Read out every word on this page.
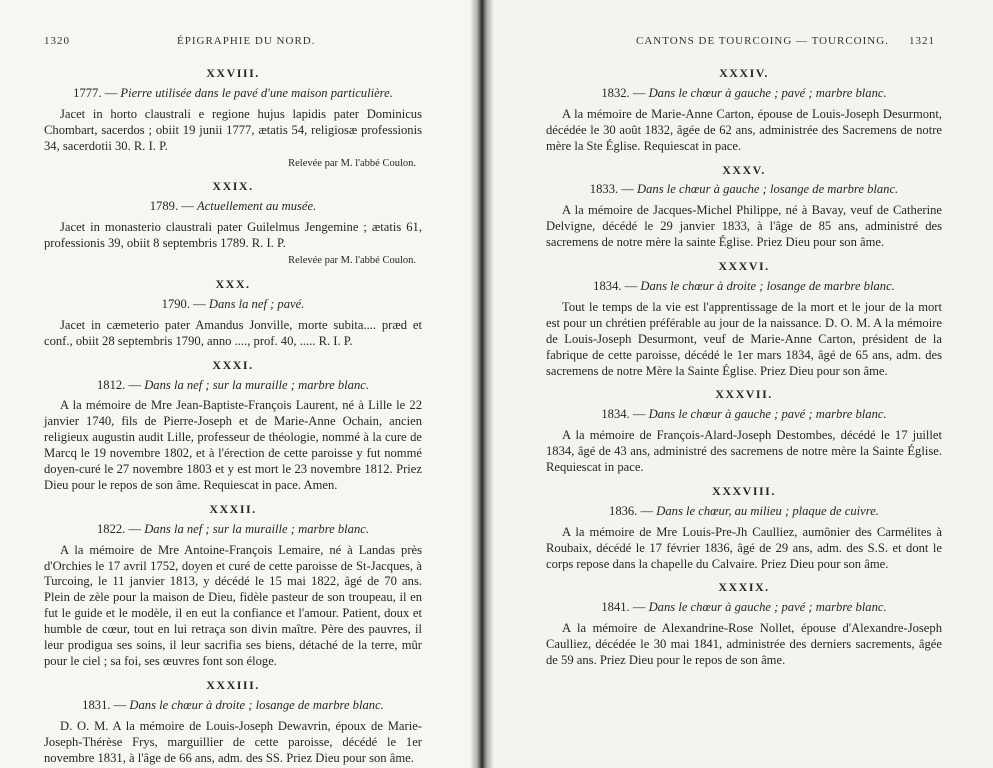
1320	ÉPIGRAPHIE DU NORD.
XXVIII.
1777. — Pierre utilisée dans le pavé d'une maison particulière.

Jacet in horto claustrali e regione hujus lapidis pater Dominicus Chombart, sacerdos ; obiit 19 junii 1777, ætatis 54, religiosæ professionis 34, sacerdotii 30. R. I. P.

Relevée par M. l'abbé Coulon.
XXIX.
1789. — Actuellement au musée.

Jacet in monasterio claustrali pater Guilelmus Jengemine ; ætatis 61, professionis 39, obiit 8 septembris 1789. R. I. P.

Relevée par M. l'abbé Coulon.
XXX.
1790. — Dans la nef ; pavé.

Jacet in cæmeterio pater Amandus Jonville, morte subita.... præd et conf., obiit 28 septembris 1790, anno ...., prof. 40, ..... R. I. P.

XXXI.
1812. — Dans la nef ; sur la muraille ; marbre blanc.

A la mémoire de Mre Jean-Baptiste-François Laurent, né à Lille le 22 janvier 1740, fils de Pierre-Joseph et de Marie-Anne Ochain, ancien religieux augustin audit Lille, professeur de théologie, nommé à la cure de Marcq le 19 novembre 1802, et à l'érection de cette paroisse y fut nommé doyen-curé le 27 novembre 1803 et y est mort le 23 novembre 1812. Priez Dieu pour le repos de son âme. Requiescat in pace. Amen.

XXXII.
1822. — Dans la nef ; sur la muraille ; marbre blanc.

A la mémoire de Mre Antoine-François Lemaire, né à Landas près d'Orchies le 17 avril 1752, doyen et curé de cette paroisse de St-Jacques, à Turcoing, le 11 janvier 1813, y décédé le 15 mai 1822, âgé de 70 ans. Plein de zèle pour la maison de Dieu, fidèle pasteur de son troupeau, il en fut le guide et le modèle, il en eut la confiance et l'amour. Patient, doux et humble de cœur, tout en lui retraça son divin maître. Père des pauvres, il leur prodigua ses soins, il leur sacrifia ses biens, détaché de la terre, mûr pour le ciel ; sa foi, ses œuvres font son éloge.

XXXIII.
1831. — Dans le chœur à droite ; losange de marbre blanc.

D. O. M. A la mémoire de Louis-Joseph Dewavrin, époux de Marie-Joseph-Thérèse Frys, marguillier de cette paroisse, décédé le 1er novembre 1831, à l'âge de 66 ans, adm. des SS. Priez Dieu pour son âme.

CANTONS DE TOURCOING — TOURCOING. 1321
XXXIV.
1832. — Dans le chœur à gauche ; pavé ; marbre blanc.

A la mémoire de Marie-Anne Carton, épouse de Louis-Joseph Desurmont, décédée le 30 août 1832, âgée de 62 ans, administrée des Sacremens de notre mère la Ste Église. Requiescat in pace.

XXXV.
1833. — Dans le chœur à gauche ; losange de marbre blanc.

A la mémoire de Jacques-Michel Philippe, né à Bavay, veuf de Catherine Delvigne, décédé le 29 janvier 1833, à l'âge de 85 ans, administré des sacremens de notre mère la sainte Église. Priez Dieu pour son âme.

XXXVI.
1834. — Dans le chœur à droite ; losange de marbre blanc.

Tout le temps de la vie est l'apprentissage de la mort et le jour de la mort est pour un chrétien préférable au jour de la naissance. D. O. M. A la mémoire de Louis-Joseph Desurmont, veuf de Marie-Anne Carton, président de la fabrique de cette paroisse, décédé le 1er mars 1834, âgé de 65 ans, adm. des sacremens de notre Mère la Sainte Église. Priez Dieu pour son âme.

XXXVII.
1834. — Dans le chœur à gauche ; pavé ; marbre blanc.

A la mémoire de François-Alard-Joseph Destombes, décédé le 17 juillet 1834, âgé de 43 ans, administré des sacremens de notre mère la Sainte Église. Requiescat in pace.

XXXVIII.
1836. — Dans le chœur, au milieu ; plaque de cuivre.

A la mémoire de Mre Louis-Pre-Jh Caulliez, aumônier des Carmélites à Roubaix, décédé le 17 février 1836, âgé de 29 ans, adm. des S.S. et dont le corps repose dans la chapelle du Calvaire. Priez Dieu pour son âme.

XXXIX.
1841. — Dans le chœur à gauche ; pavé ; marbre blanc.

A la mémoire de Alexandrine-Rose Nollet, épouse d'Alexandre-Joseph Caulliez, décédée le 30 mai 1841, administrée des derniers sacrements, âgée de 59 ans. Priez Dieu pour le repos de son âme.
